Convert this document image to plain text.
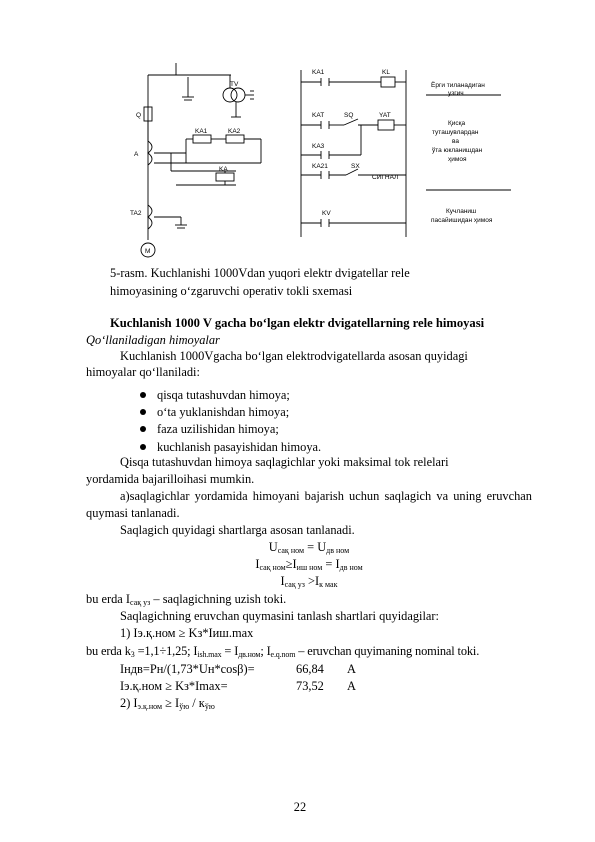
TV
Q
A
TA2
KA1	KA2
KA
M
KA1	KL
KAT	SQ	YAT
KA3
KA21	SX
СИГНАЛ
KV
Ёрги тиланадиган
узгич
Қисқа
туташувлардан
ва
ўта юкланишдан
ҳимоя
Кучланиш
пасайишидан ҳимоя
5-rasm. Kuchlanishi 1000Vdan yuqori elektr dvigatellar rele
himoyasining o‘zgaruvchi operativ tokli sxemasi
Kuchlanish 1000 V gacha bo‘lgan elektr dvigatellarning rele himoyasi
Qo‘llaniladigan himoyalar
Kuchlanish 1000Vgacha bo‘lgan elektrodvigatellarda asosan quyidagi
himoyalar qo‘llaniladi:
qisqa tutashuvdan himoya;
o‘ta yuklanishdan himoya;
faza uzilishidan himoya;
kuchlanish pasayishidan himoya.
Qisqa tutashuvdan himoya saqlagichlar yoki maksimal tok relelari
yordamida bajarilloihasi mumkin.
a)saqlagichlar yordamida himoyani bajarish uchun saqlagich va uning eruvchan quymasi tanlanadi.
Saqlagich quyidagi shartlarga asosan tanlanadi.
$U_{сақ ном} = U_{дв ном}$
$I_{сақ ном}\ge I_{иш ном} = I_{дв ном}$
$I_{сақ уз} >I_{к мак}$
bu erda $I_{сақ уз}$ – saqlagichning uzish toki.
Saqlagichning eruvchan quymasini tanlash shartlari quyidagilar:
1) Iэ.қ.ном ≥ Kз*Iиш.max
bu erda $k_3 =1,1\div 1,25$; $I_{ish.max} = I_{дв.ном}$; $I_{e.q.nom}$ – eruvchan quyimaning nominal toki.
Iндв=Pн/(1,73*Uн*cosβ)=	66,84 A
Iэ.қ.ном ≥ Kз*Imax=	73,52 A
2) $I_{э.қ.ном} \ge I_{ўю} / к_{ўю}$
22
